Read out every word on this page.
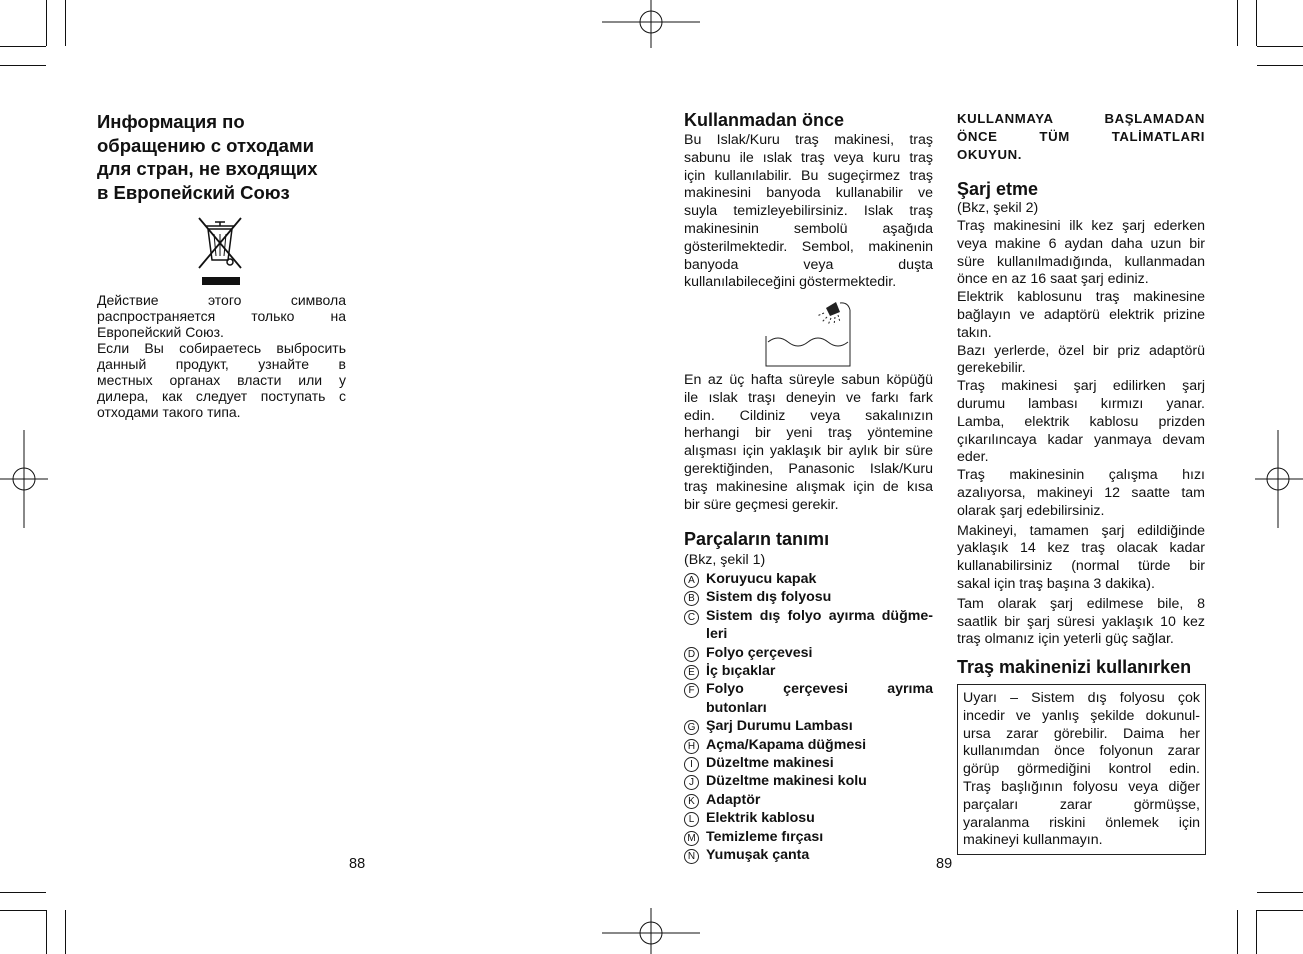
Информация по
обращению с отходами
для стран, не входящих
в Европейский Союз
Действие этого символа
распространяется только на
Европейский Союз.
Если Вы собираетесь выбросить
данный продукт, узнайте в
местных органах власти или у
дилера, как следует поступать с
отходами такого типа.
88
Kullanmadan önce
Bu Islak/Kuru traş makinesi, traş
sabunu ile ıslak traş veya kuru traş
için kullanılabilir. Bu sugeçirmez traş
makinesini banyoda kullanabilir ve
suyla temizleyebilirsiniz. Islak traş
makinesinin sembolü aşağıda
gösterilmektedir. Sembol, makinenin
banyoda veya duşta
kullanılabileceğini göstermektedir.
En az üç hafta süreyle sabun köpüğü
ile ıslak traşı deneyin ve farkı fark
edin. Cildiniz veya sakalınızın
herhangi bir yeni traş yöntemine
alışması için yaklaşık bir aylık bir süre
gerektiğinden, Panasonic Islak/Kuru
traş makinesine alışmak için de kısa
bir süre geçmesi gerekir.
Parçaların tanımı
(Bkz, şekil 1)
A Koruyucu kapak
B Sistem dış folyosu
C Sistem dış folyo ayırma düğme-
leri
D Folyo çerçevesi
E İç bıçaklar
F Folyo çerçevesi ayrıma
butonları
G Şarj Durumu Lambası
H Açma/Kapama düğmesi
I Düzeltme makinesi
J Düzeltme makinesi kolu
K Adaptör
L Elektrik kablosu
M Temizleme fırçası
N Yumuşak çanta
89
KULLANMAYA BAŞLAMADAN
ÖNCE TÜM TALİMATLARI
OKUYUN.
Şarj etme
(Bkz, şekil 2)
Traş makinesini ilk kez şarj ederken
veya makine 6 aydan daha uzun bir
süre kullanılmadığında, kullanmadan
önce en az 16 saat şarj ediniz.
Elektrik kablosunu traş makinesine
bağlayın ve adaptörü elektrik prizine
takın.
Bazı yerlerde, özel bir priz adaptörü
gerekebilir.
Traş makinesi şarj edilirken şarj
durumu lambası kırmızı yanar.
Lamba, elektrik kablosu prizden
çıkarılıncaya kadar yanmaya devam
eder.
Traş makinesinin çalışma hızı
azalıyorsa, makineyi 12 saatte tam
olarak şarj edebilirsiniz.
Makineyi, tamamen şarj edildiğinde
yaklaşık 14 kez traş olacak kadar
kullanabilirsiniz (normal türde bir
sakal için traş başına 3 dakika).
Tam olarak şarj edilmese bile, 8
saatlik bir şarj süresi yaklaşık 10 kez
traş olmanız için yeterli güç sağlar.
Traş makinenizi kullanırken
Uyarı – Sistem dış folyosu çok
incedir ve yanlış şekilde dokunul-
ursa zarar görebilir. Daima her
kullanımdan önce folyonun zarar
görüp görmediğini kontrol edin.
Traş başlığının folyosu veya diğer
parçaları zarar görmüşse,
yaralanma riskini önlemek için
makineyi kullanmayın.
